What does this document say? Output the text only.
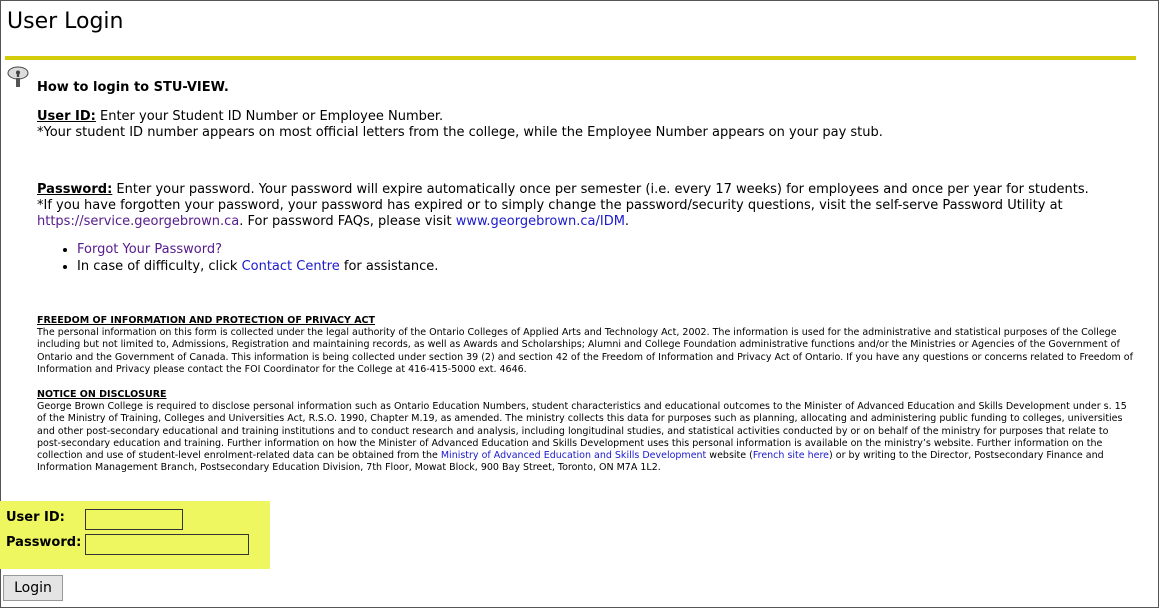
User Login
How to login to STU-VIEW.
User ID: Enter your Student ID Number or Employee Number.
*Your student ID number appears on most official letters from the college, while the Employee Number appears on your pay stub.
Password: Enter your password. Your password will expire automatically once per semester (i.e. every 17 weeks) for employees and once per year for students.
*If you have forgotten your password, your password has expired or to simply change the password/security questions, visit the self-serve Password Utility at
https://service.georgebrown.ca. For password FAQs, please visit www.georgebrown.ca/IDM.
• Forgot Your Password?
• In case of difficulty, click Contact Centre for assistance.
FREEDOM OF INFORMATION AND PROTECTION OF PRIVACY ACT
The personal information on this form is collected under the legal authority of the Ontario Colleges of Applied Arts and Technology Act, 2002. The information is used for the administrative and statistical purposes of the College including but not limited to, Admissions, Registration and maintaining records, as well as Awards and Scholarships; Alumni and College Foundation administrative functions and/or the Ministries or Agencies of the Government of Ontario and the Government of Canada. This information is being collected under section 39 (2) and section 42 of the Freedom of Information and Privacy Act of Ontario. If you have any questions or concerns related to Freedom of Information and Privacy please contact the FOI Coordinator for the College at 416-415-5000 ext. 4646.
NOTICE ON DISCLOSURE
George Brown College is required to disclose personal information such as Ontario Education Numbers, student characteristics and educational outcomes to the Minister of Advanced Education and Skills Development under s. 15 of the Ministry of Training, Colleges and Universities Act, R.S.O. 1990, Chapter M.19, as amended. The ministry collects this data for purposes such as planning, allocating and administering public funding to colleges, universities and other post-secondary educational and training institutions and to conduct research and analysis, including longitudinal studies, and statistical activities conducted by or on behalf of the ministry for purposes that relate to post-secondary education and training. Further information on how the Minister of Advanced Education and Skills Development uses this personal information is available on the ministry’s website. Further information on the collection and use of student-level enrolment-related data can be obtained from the Ministry of Advanced Education and Skills Development website (French site here) or by writing to the Director, Postsecondary Finance and Information Management Branch, Postsecondary Education Division, 7th Floor, Mowat Block, 900 Bay Street, Toronto, ON M7A 1L2.
User ID:
Password:
Login
